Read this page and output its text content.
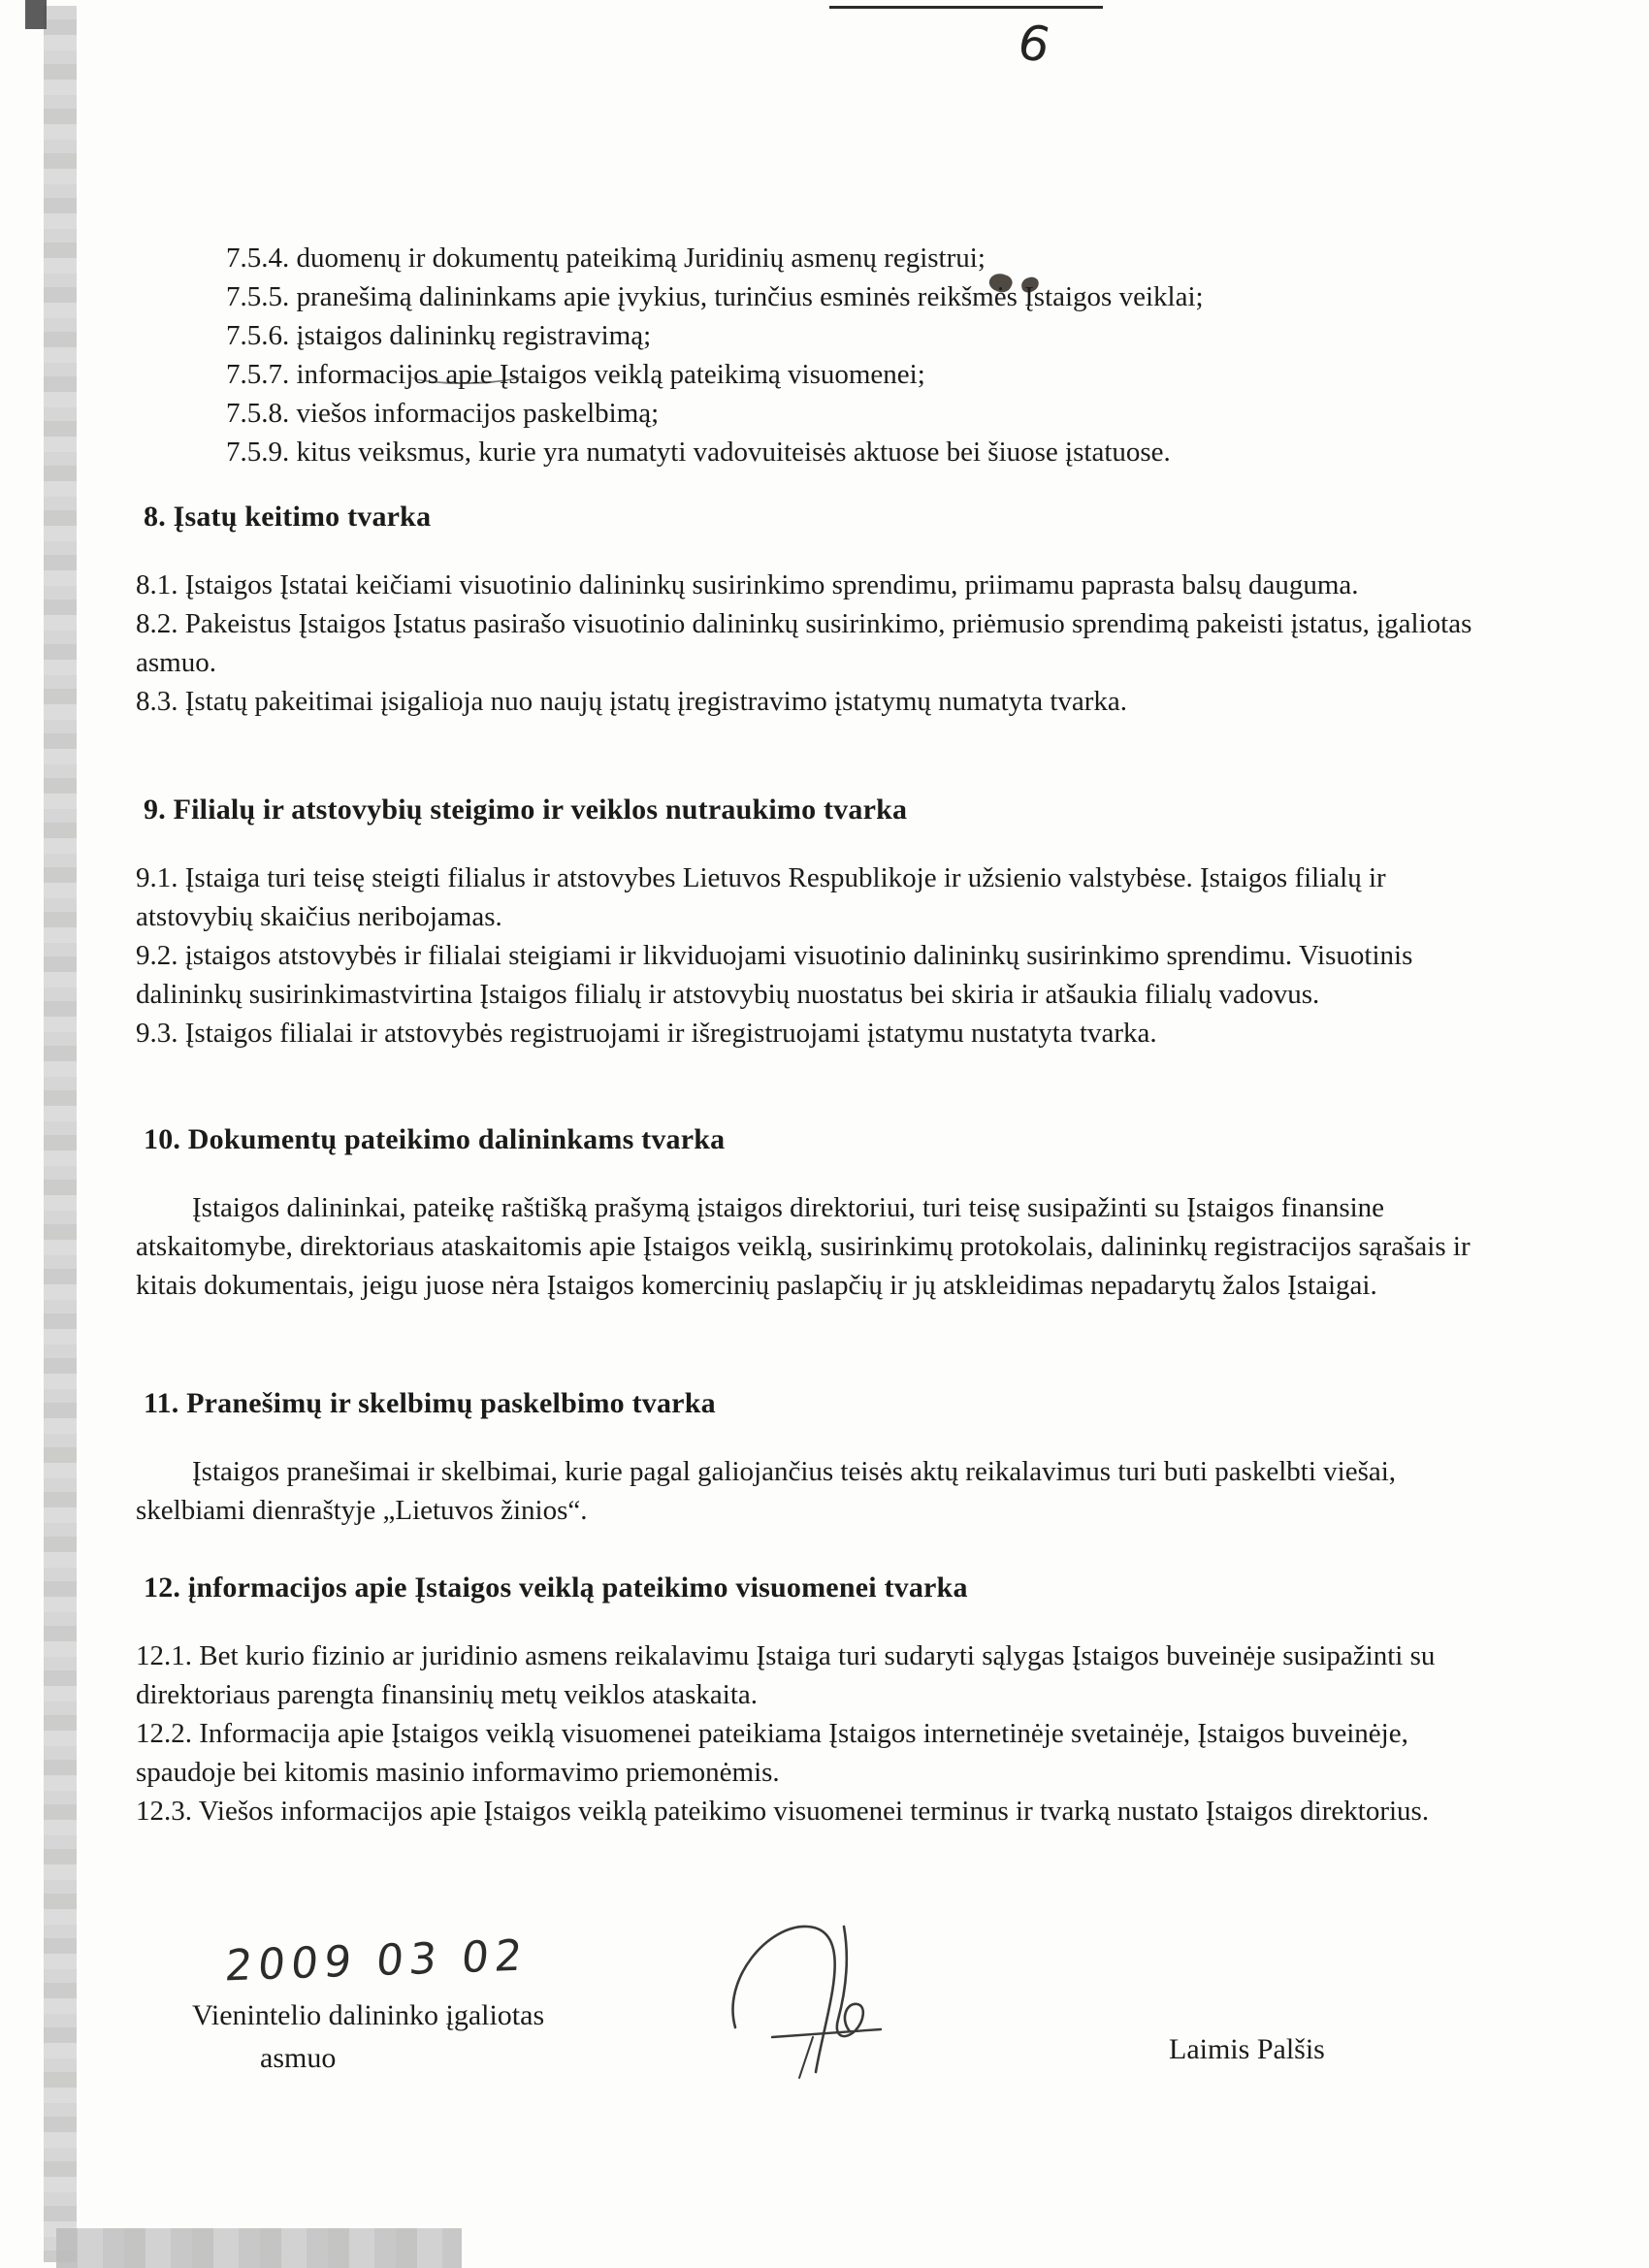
6

7.5.4. duomenų ir dokumentų pateikimą Juridinių asmenų registrui;

7.5.5. pranešimą dalininkams apie įvykius, turinčius esminės reikšmės Įstaigos veiklai;

7.5.6. įstaigos dalininkų registravimą;

7.5.7. informacijos apie Įstaigos veiklą pateikimą visuomenei;

7.5.8. viešos informacijos paskelbimą;

7.5.9. kitus veiksmus, kurie yra numatyti vadovuiteisės aktuose bei šiuose įstatuose.

8. Įsatų keitimo tvarka

8.1. Įstaigos Įstatai keičiami visuotinio dalininkų susirinkimo sprendimu, priimamu paprasta balsų dauguma.

8.2. Pakeistus Įstaigos Įstatus pasirašo visuotinio dalininkų susirinkimo, priėmusio sprendimą pakeisti įstatus, įgaliotas asmuo.

8.3. Įstatų pakeitimai įsigalioja nuo naujų įstatų įregistravimo įstatymų numatyta tvarka.

9. Filialų ir atstovybių steigimo ir veiklos nutraukimo tvarka

9.1. Įstaiga turi teisę steigti filialus ir atstovybes Lietuvos Respublikoje ir užsienio valstybėse. Įstaigos filialų ir atstovybių skaičius neribojamas.

9.2. įstaigos atstovybės ir filialai steigiami ir likviduojami visuotinio dalininkų susirinkimo sprendimu. Visuotinis dalininkų susirinkimastvirtina Įstaigos filialų ir atstovybių nuostatus bei skiria ir atšaukia filialų vadovus.

9.3. Įstaigos filialai ir atstovybės registruojami ir išregistruojami įstatymu nustatyta tvarka.

10. Dokumentų pateikimo dalininkams tvarka

Įstaigos dalininkai, pateikę raštišką prašymą įstaigos direktoriui, turi teisę susipažinti su Įstaigos finansine atskaitomybe, direktoriaus ataskaitomis apie Įstaigos veiklą, susirinkimų protokolais, dalininkų registracijos sąrašais ir kitais dokumentais, jeigu juose nėra Įstaigos komercinių paslapčių ir jų atskleidimas nepadarytų žalos Įstaigai.

11. Pranešimų ir skelbimų paskelbimo tvarka

Įstaigos pranešimai ir skelbimai, kurie pagal galiojančius teisės aktų reikalavimus turi buti paskelbti viešai, skelbiami dienraštyje „Lietuvos žinios“.

12. įnformacijos apie Įstaigos veiklą pateikimo visuomenei tvarka

12.1. Bet kurio fizinio ar juridinio asmens reikalavimu Įstaiga turi sudaryti sąlygas Įstaigos buveinėje susipažinti su direktoriaus parengta finansinių metų veiklos ataskaita.

12.2. Informacija apie Įstaigos veiklą visuomenei pateikiama Įstaigos internetinėje svetainėje, Įstaigos buveinėje, spaudoje bei kitomis masinio informavimo priemonėmis.

12.3. Viešos informacijos apie Įstaigos veiklą pateikimo visuomenei terminus ir tvarką nustato Įstaigos direktorius.

2009 03 02
Vienintelio dalininko įgaliotas
asmuo	Laimis Palšis
